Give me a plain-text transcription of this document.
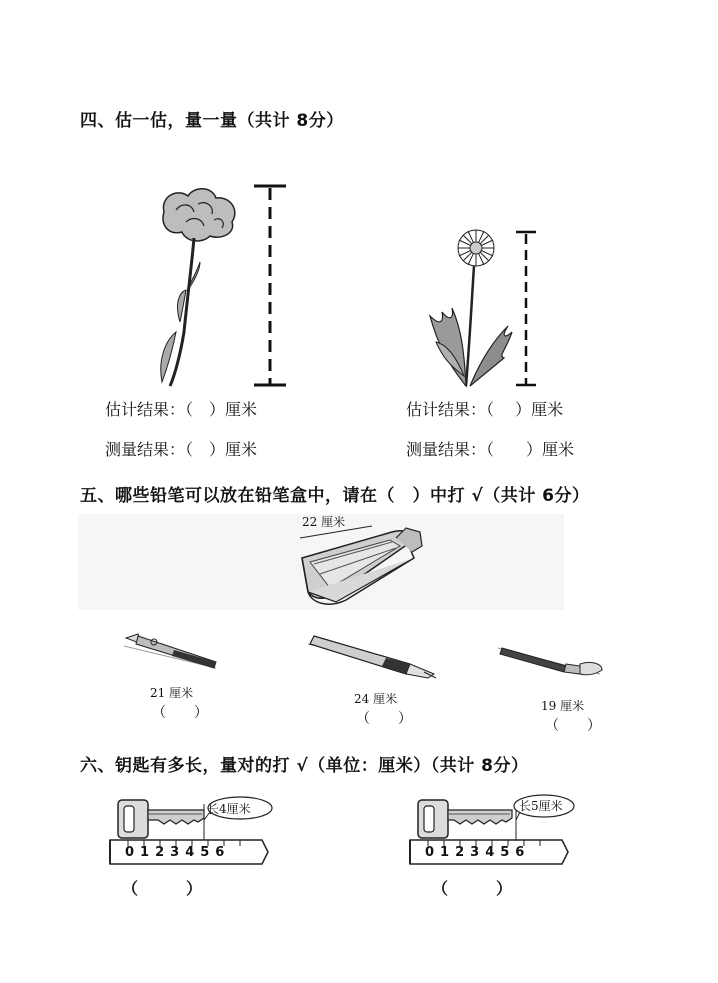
四、估一估，量一量（共计 8分）
估计结果：（　）厘米
测量结果：（　）厘米
估计结果：（　 ）厘米
测量结果：（　　）厘米
五、哪些铅笔可以放在铅笔盒中，请在（　）中打 √（共计 6分）
22 厘米
21 厘米
（　　）
24 厘米
（　　）
19 厘米
（　　）
六、钥匙有多长，量对的打 √（单位：厘米）（共计 8分）
长4厘米
0123456
（　　　）
长5厘米
0123456
（　　　）
